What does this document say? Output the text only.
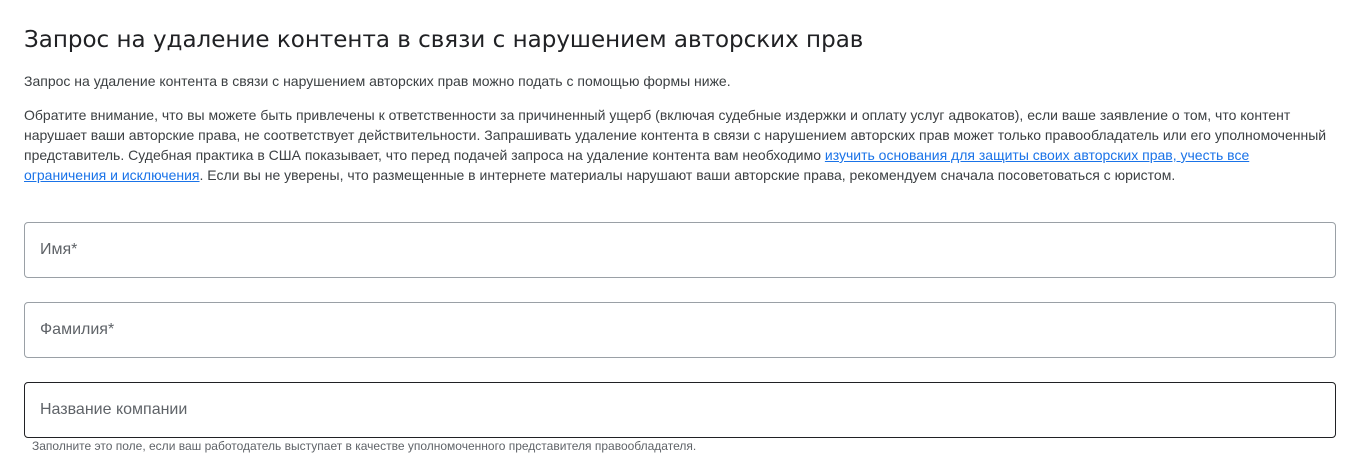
Запрос на удаление контента в связи с нарушением авторских прав

Запрос на удаление контента в связи с нарушением авторских прав можно подать с помощью формы ниже.

Обратите внимание, что вы можете быть привлечены к ответственности за причиненный ущерб (включая судебные издержки и оплату услуг адвокатов), если ваше заявление о том, что контент нарушает ваши авторские права, не соответствует действительности. Запрашивать удаление контента в связи с нарушением авторских прав может только правообладатель или его уполномоченный представитель. Судебная практика в США показывает, что перед подачей запроса на удаление контента вам необходимо изучить основания для защиты своих авторских прав, учесть все ограничения и исключения. Если вы не уверены, что размещенные в интернете материалы нарушают ваши авторские права, рекомендуем сначала посоветоваться с юристом.

Имя*
Фамилия*
Название компании

Заполните это поле, если ваш работодатель выступает в качестве уполномоченного представителя правообладателя.
